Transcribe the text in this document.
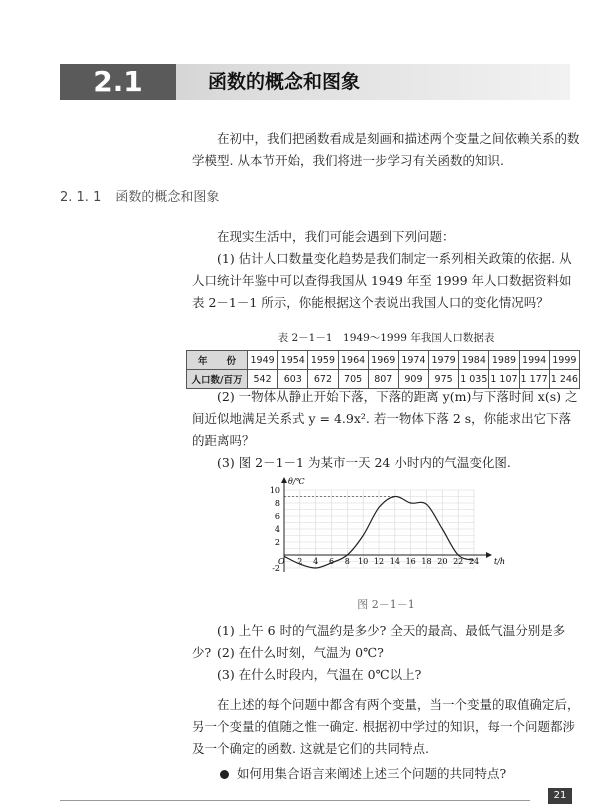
2.1	函数的概念和图象

在初中，我们把函数看成是刻画和描述两个变量之间依赖关系的数学模型. 从本节开始，我们将进一步学习有关函数的知识.

2. 1. 1 函数的概念和图象

在现实生活中，我们可能会遇到下列问题：

(1) 估计人口数量变化趋势是我们制定一系列相关政策的依据. 从人口统计年鉴中可以查得我国从 1949 年至 1999 年人口数据资料如表 2－1－1 所示，你能根据这个表说出我国人口的变化情况吗？

表 2－1－1　1949～1999 年我国人口数据表
年　　份	1949	1954	1959	1964	1969	1974	1979	1984	1989	1994	1999
人口数/百万	542	603	672	705	807	909	975	1 035	1 107	1 177	1 246

(2) 一物体从静止开始下落，下落的距离 y(m)与下落时间 x(s) 之间近似地满足关系式 y = 4.9x². 若一物体下落 2 s，你能求出它下落的距离吗？

(3) 图 2－1－1 为某市一天 24 小时内的气温变化图.

2 4 6 8 10 12 14 16 18 20 22 24
-2
2
4
6
8
10
O	t/h
θ/℃
图 2－1－1

(1) 上午 6 时的气温约是多少? 全天的最高、最低气温分别是多少? (2) 在什么时刻，气温为 0℃?

(3) 在什么时段内，气温在 0℃以上?

在上述的每个问题中都含有两个变量，当一个变量的取值确定后，另一个变量的值随之惟一确定. 根据初中学过的知识，每一个问题都涉及一个确定的函数. 这就是它们的共同特点.

如何用集合语言来阐述上述三个问题的共同特点?
21
